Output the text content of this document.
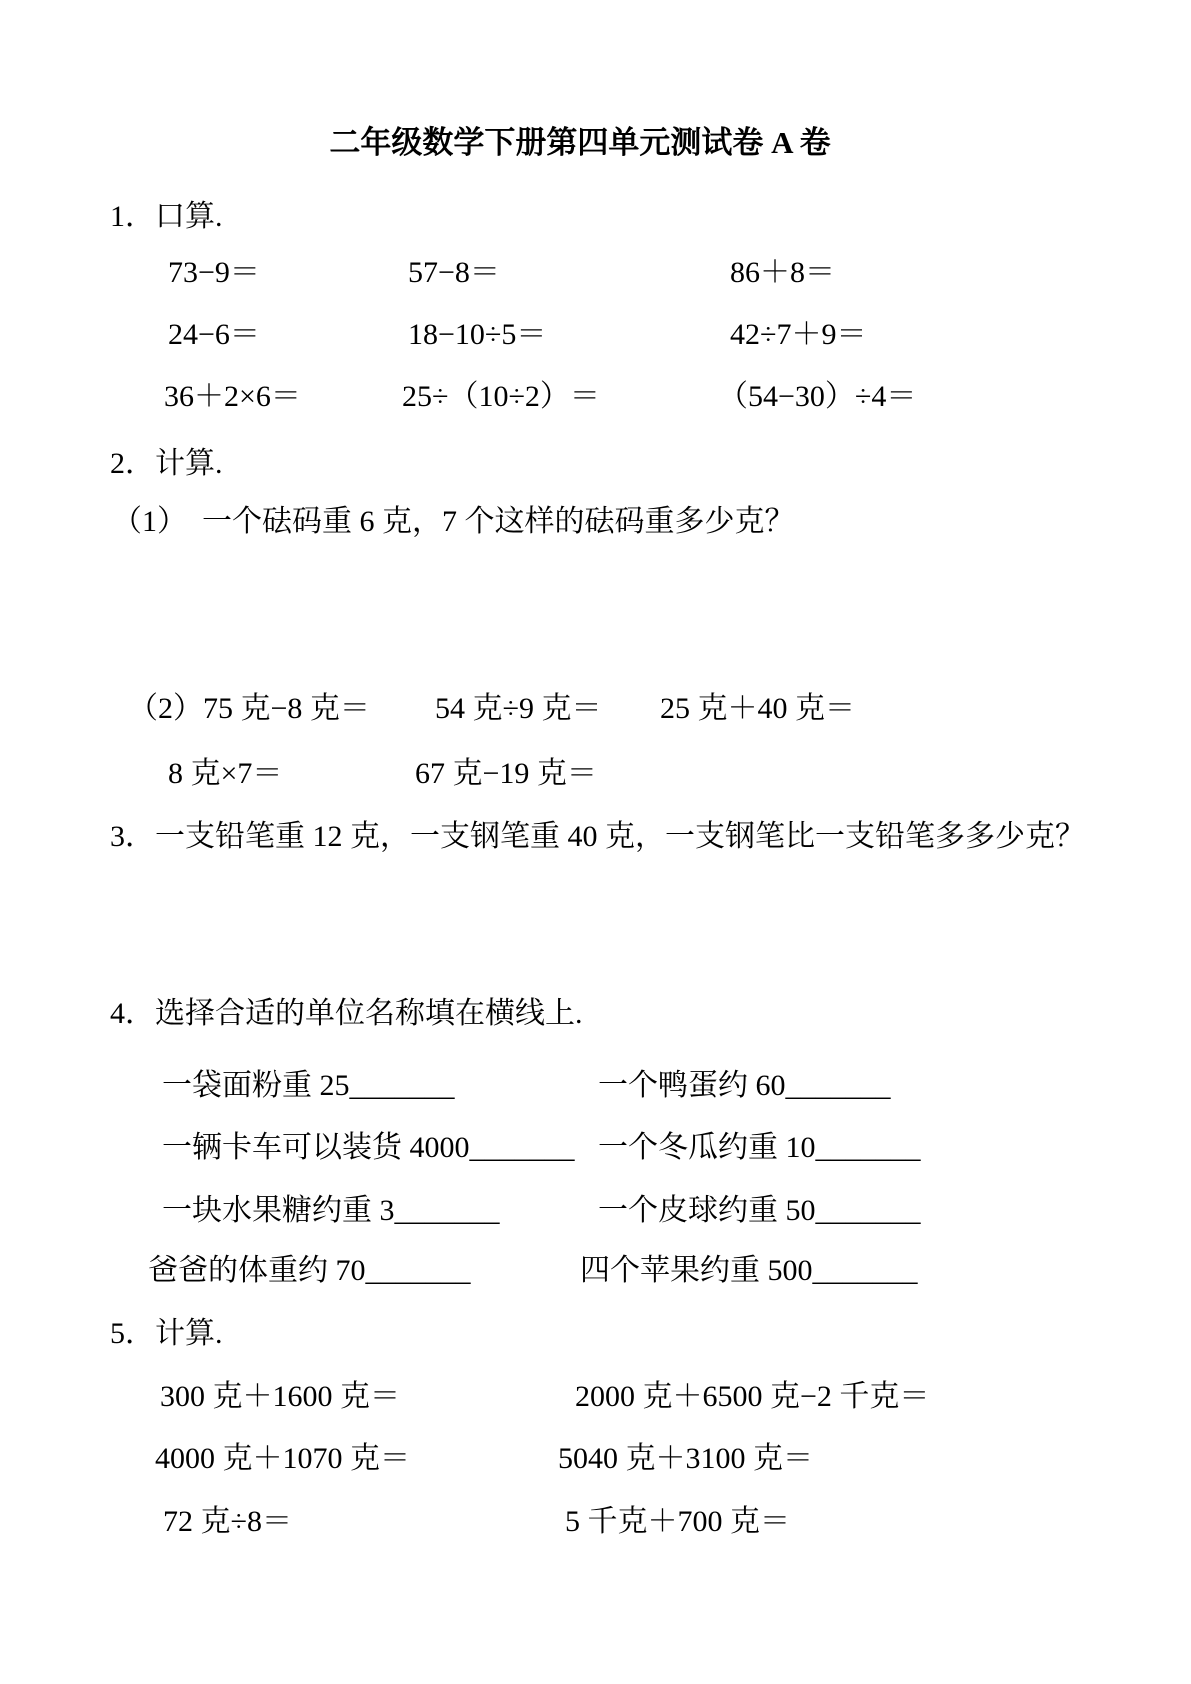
二年级数学下册第四单元测试卷 A 卷
1．口算.
73−9＝	57−8＝	86＋8＝
24−6＝	18−10÷5＝	42÷7＋9＝
36＋2×6＝	25÷（10÷2）＝	（54−30）÷4＝
2．计算.
（1）　一个砝码重 6 克，7 个这样的砝码重多少克？
（2）75 克−8 克＝ 54 克÷9 克＝ 25 克＋40 克＝
8 克×7＝	67 克−19 克＝
3．一支铅笔重 12 克，一支钢笔重 40 克，一支钢笔比一支铅笔多多少克？
4．选择合适的单位名称填在横线上.
一袋面粉重 25_______	一个鸭蛋约 60_______
一辆卡车可以装货 4000_______ 一个冬瓜约重 10_______
一块水果糖约重 3_______	一个皮球约重 50_______
爸爸的体重约 70_______	四个苹果约重 500_______
5．计算.
300 克＋1600 克＝	2000 克＋6500 克−2 千克＝
4000 克＋1070 克＝	5040 克＋3100 克＝
72 克÷8＝	5 千克＋700 克＝
